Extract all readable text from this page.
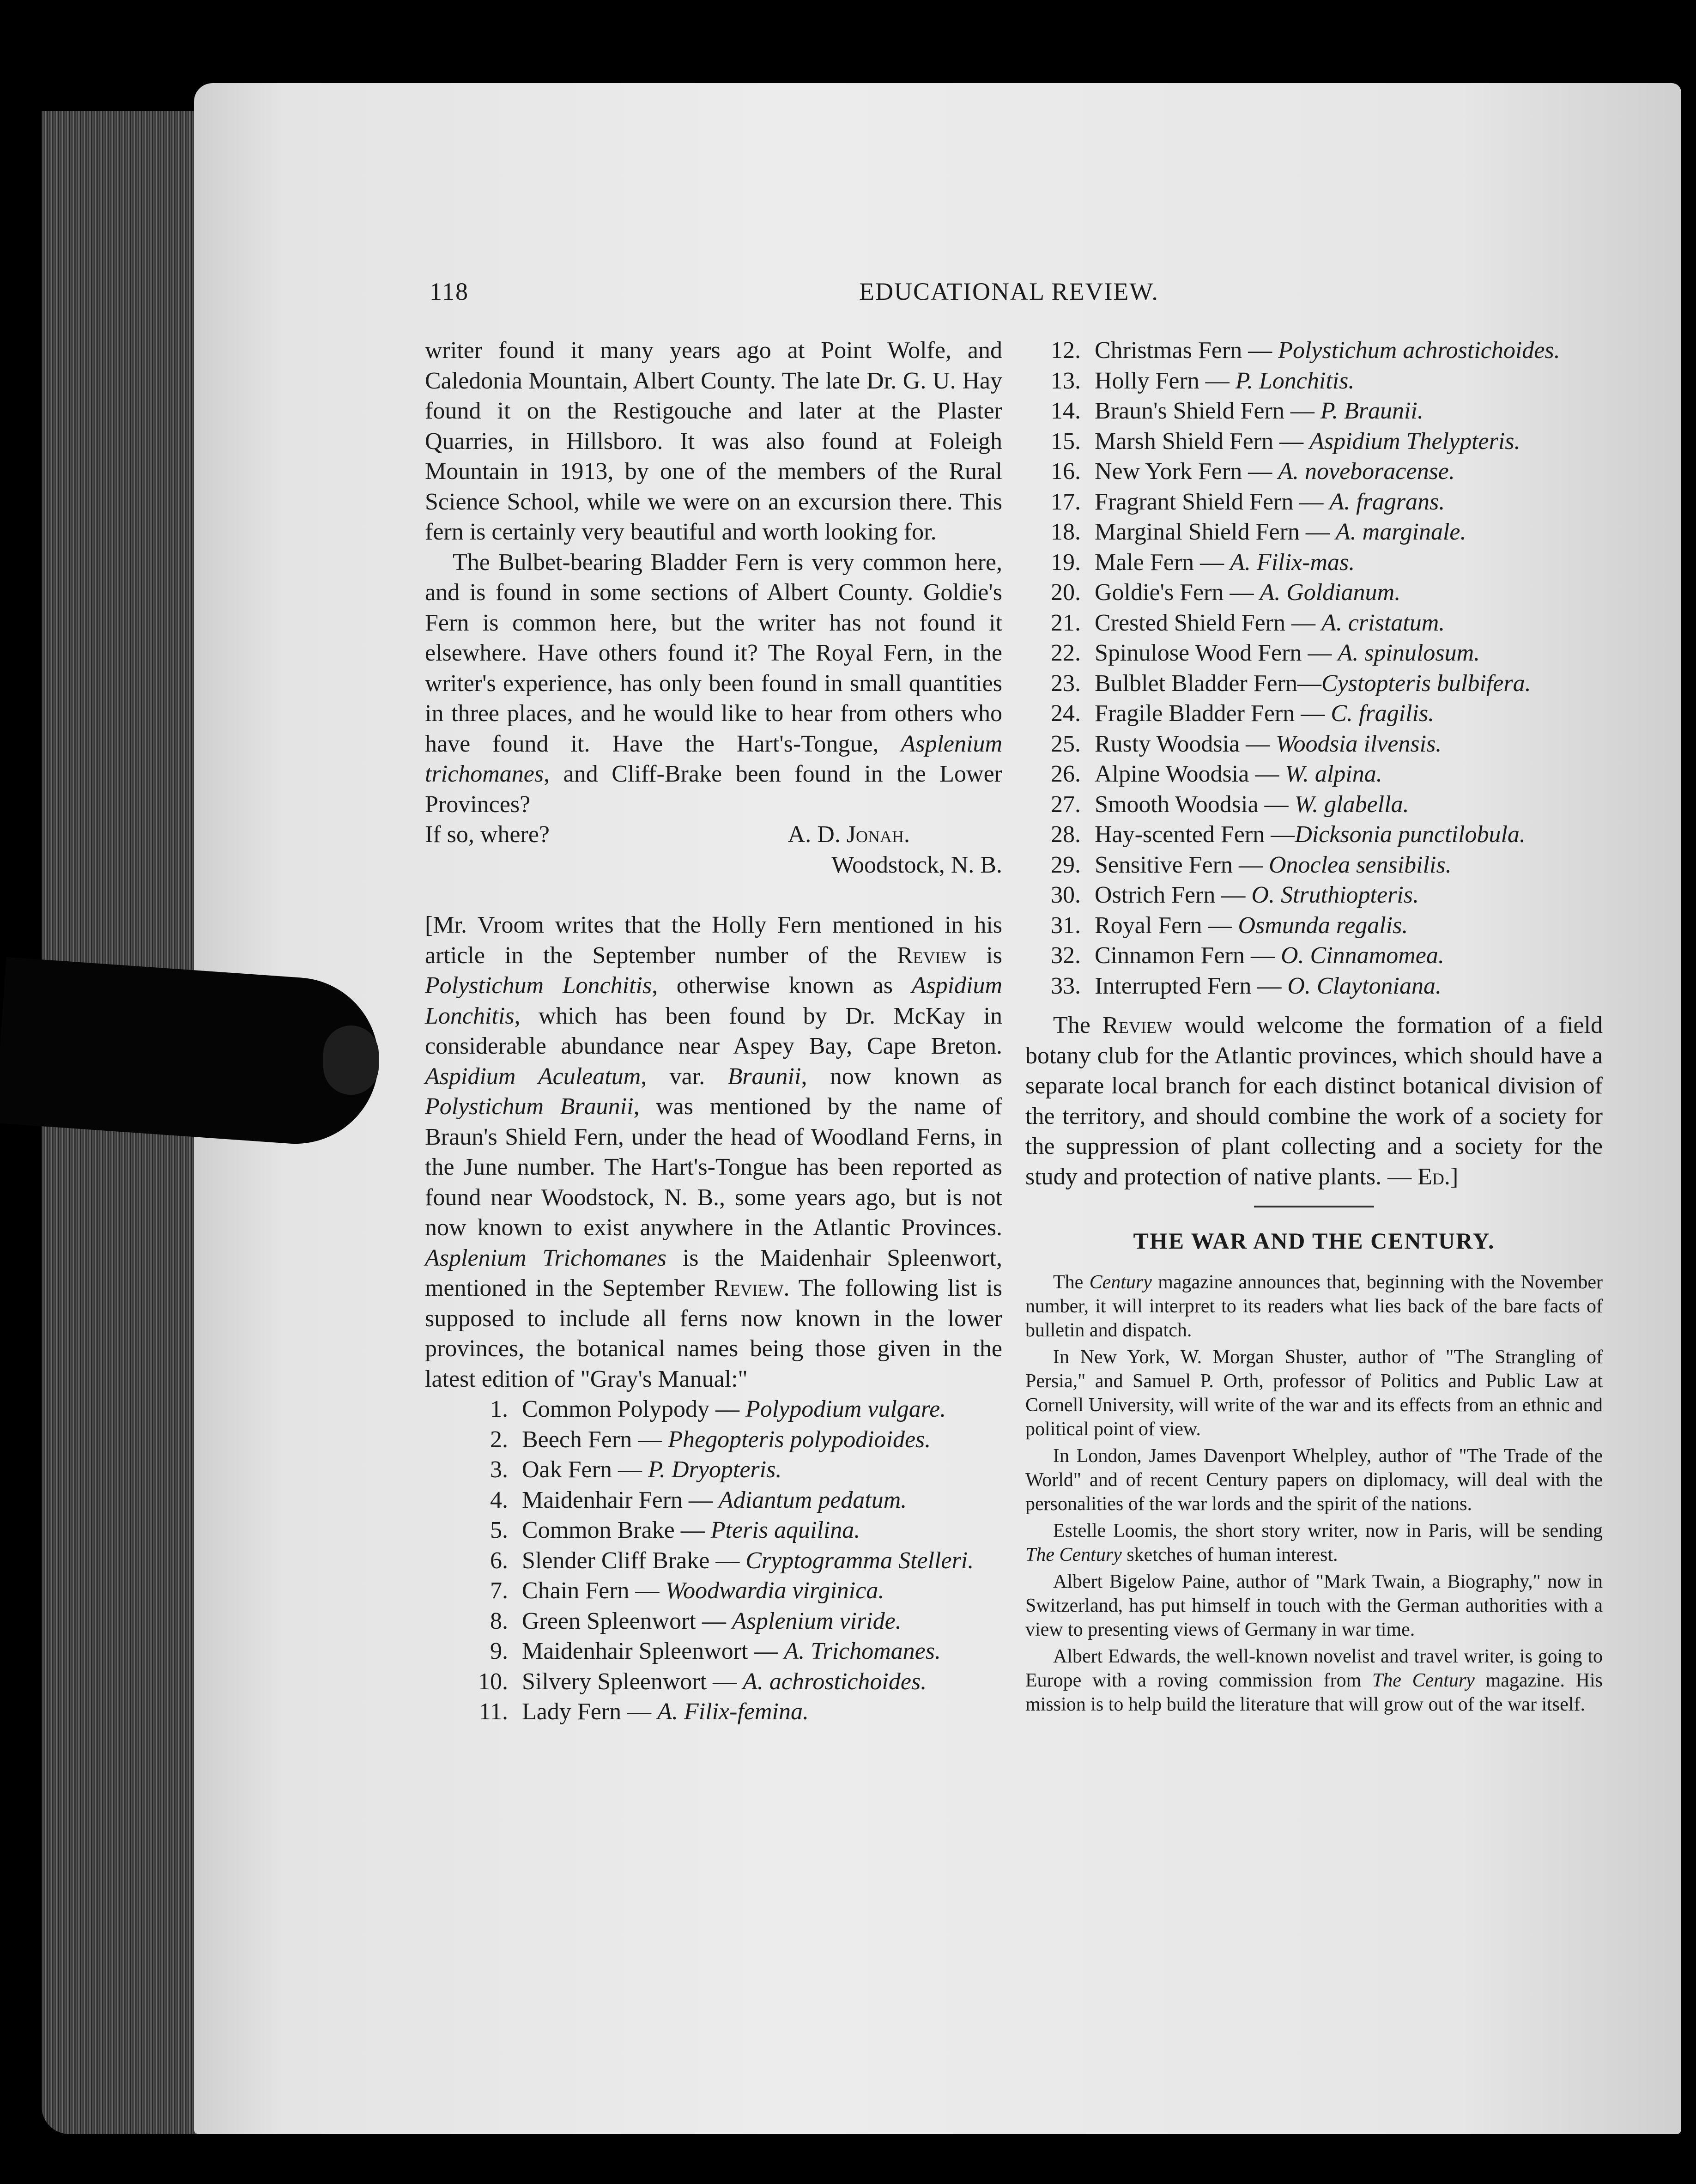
118	EDUCATIONAL REVIEW.

writer found it many years ago at Point Wolfe, and Caledonia Mountain, Albert County. The late Dr. G. U. Hay found it on the Restigouche and later at the Plaster Quarries, in Hillsboro. It was also found at Foleigh Mountain in 1913, by one of the members of the Rural Science School, while we were on an excursion there. This fern is certainly very beautiful and worth looking for.

The Bulbet-bearing Bladder Fern is very common here, and is found in some sections of Albert County. Goldie's Fern is common here, but the writer has not found it elsewhere. Have others found it? The Royal Fern, in the writer's experience, has only been found in small quantities in three places, and he would like to hear from others who have found it. Have the Hart's-Tongue, Asplenium trichomanes, and Cliff-Brake been found in the Lower Provinces?

If so, where?	A. D. Jonah.
Woodstock, N. B.

[Mr. Vroom writes that the Holly Fern mentioned in his article in the September number of the Review is Polystichum Lonchitis, otherwise known as Aspidium Lonchitis, which has been found by Dr. McKay in considerable abundance near Aspey Bay, Cape Breton. Aspidium Aculeatum, var. Braunii, now known as Polystichum Braunii, was mentioned by the name of Braun's Shield Fern, under the head of Woodland Ferns, in the June number. The Hart's-Tongue has been reported as found near Woodstock, N. B., some years ago, but is not now known to exist anywhere in the Atlantic Provinces. Asplenium Trichomanes is the Maidenhair Spleenwort, mentioned in the September Review. The following list is supposed to include all ferns now known in the lower provinces, the botanical names being those given in the latest edition of "Gray's Manual:"

1. Common Polypody — Polypodium vulgare.
2. Beech Fern — Phegopteris polypodioides.
3. Oak Fern — P. Dryopteris.
4. Maidenhair Fern — Adiantum pedatum.
5. Common Brake — Pteris aquilina.
6. Slender Cliff Brake — Cryptogramma Stelleri.
7. Chain Fern — Woodwardia virginica.
8. Green Spleenwort — Asplenium viride.
9. Maidenhair Spleenwort — A. Trichomanes.
10. Silvery Spleenwort — A. achrostichoides.
11. Lady Fern — A. Filix-femina.
12. Christmas Fern — Polystichum achrostichoides.
13. Holly Fern — P. Lonchitis.
14. Braun's Shield Fern — P. Braunii.
15. Marsh Shield Fern — Aspidium Thelypteris.
16. New York Fern — A. noveboracense.
17. Fragrant Shield Fern — A. fragrans.
18. Marginal Shield Fern — A. marginale.
19. Male Fern — A. Filix-mas.
20. Goldie's Fern — A. Goldianum.
21. Crested Shield Fern — A. cristatum.
22. Spinulose Wood Fern — A. spinulosum.
23. Bulblet Bladder Fern—Cystopteris bulbifera.
24. Fragile Bladder Fern — C. fragilis.
25. Rusty Woodsia — Woodsia ilvensis.
26. Alpine Woodsia — W. alpina.
27. Smooth Woodsia — W. glabella.
28. Hay-scented Fern —Dicksonia punctilobula.
29. Sensitive Fern — Onoclea sensibilis.
30. Ostrich Fern — O. Struthiopteris.
31. Royal Fern — Osmunda regalis.
32. Cinnamon Fern — O. Cinnamomea.
33. Interrupted Fern — O. Claytoniana.

The Review would welcome the formation of a field botany club for the Atlantic provinces, which should have a separate local branch for each distinct botanical division of the territory, and should combine the work of a society for the suppression of plant collecting and a society for the study and protection of native plants. — Ed.]

THE WAR AND THE CENTURY.

The Century magazine announces that, beginning with the November number, it will interpret to its readers what lies back of the bare facts of bulletin and dispatch.

In New York, W. Morgan Shuster, author of "The Strangling of Persia," and Samuel P. Orth, professor of Politics and Public Law at Cornell University, will write of the war and its effects from an ethnic and political point of view.

In London, James Davenport Whelpley, author of "The Trade of the World" and of recent Century papers on diplomacy, will deal with the personalities of the war lords and the spirit of the nations.

Estelle Loomis, the short story writer, now in Paris, will be sending The Century sketches of human interest.

Albert Bigelow Paine, author of "Mark Twain, a Biography," now in Switzerland, has put himself in touch with the German authorities with a view to presenting views of Germany in war time.

Albert Edwards, the well-known novelist and travel writer, is going to Europe with a roving commission from The Century magazine. His mission is to help build the literature that will grow out of the war itself.
